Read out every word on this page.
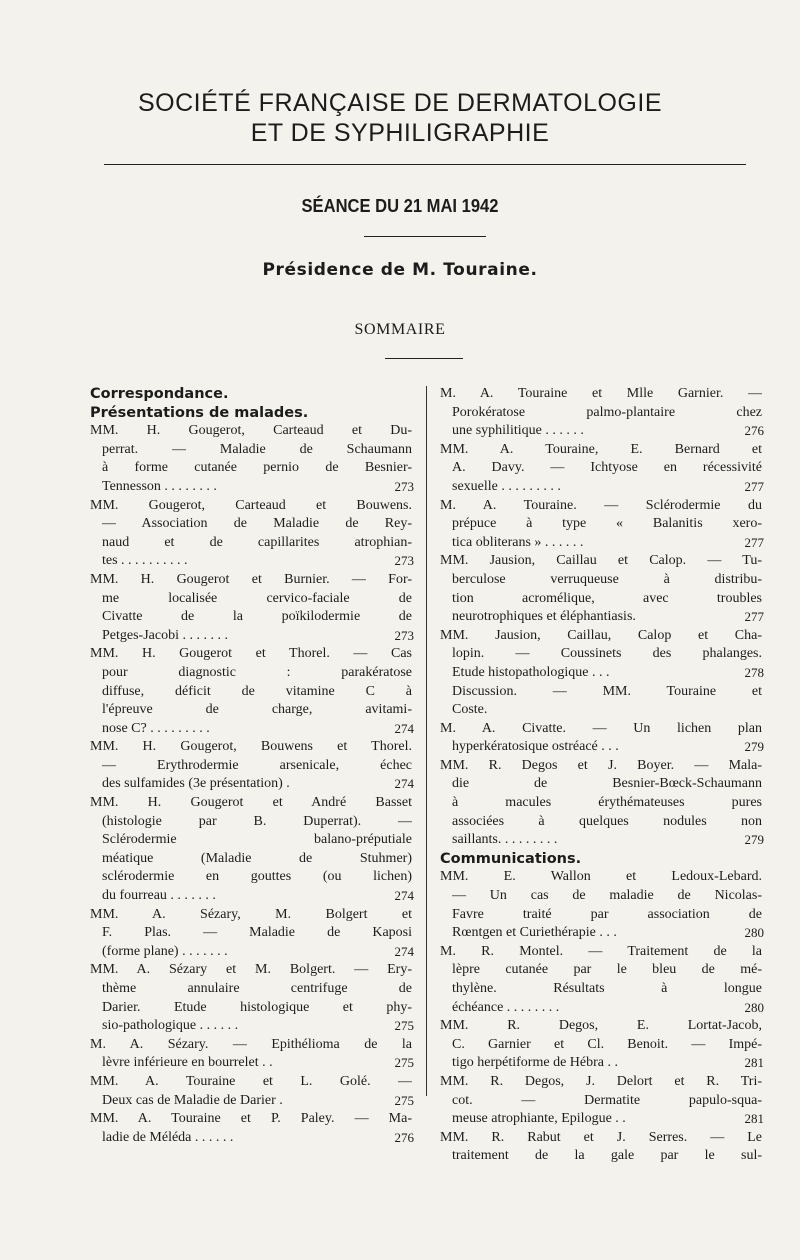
SOCIÉTÉ FRANÇAISE DE DERMATOLOGIE
ET DE SYPHILIGRAPHIE
SÉANCE DU 21 MAI 1942
Présidence de M. Touraine.
SOMMAIRE
Correspondance.
Présentations de malades.
MM. H. Gougerot, Carteaud et Du-
perrat. — Maladie de Schaumann
à forme cutanée pernio de Besnier-
Tennesson . . . . . . . .	273
MM. Gougerot, Carteaud et Bouwens.
— Association de Maladie de Rey-
naud et de capillarites atrophian-
tes . . . . . . . . . .	273
MM. H. Gougerot et Burnier. — For-
me localisée cervico-faciale de
Civatte de la poïkilodermie de
Petges-Jacobi . . . . . . .	273
MM. H. Gougerot et Thorel. — Cas
pour diagnostic : parakératose
diffuse, déficit de vitamine C à
l'épreuve de charge, avitami-
nose C? . . . . . . . . .	274
MM. H. Gougerot, Bouwens et Thorel.
— Erythrodermie arsenicale, échec
des sulfamides (3e présentation) .	274
MM. H. Gougerot et André Basset
(histologie par B. Duperrat). —
Sclérodermie balano-préputiale
méatique (Maladie de Stuhmer)
sclérodermie en gouttes (ou lichen)
du fourreau . . . . . . .	274
MM. A. Sézary, M. Bolgert et
F. Plas. — Maladie de Kaposi
(forme plane) . . . . . . .	274
MM. A. Sézary et M. Bolgert. — Ery-
thème annulaire centrifuge de
Darier. Etude histologique et phy-
sio-pathologique . . . . . .	275
M. A. Sézary. — Epithélioma de la
lèvre inférieure en bourrelet . .	275
MM. A. Touraine et L. Golé. —
Deux cas de Maladie de Darier .	275
MM. A. Touraine et P. Paley. — Ma-
ladie de Méléda . . . . . .	276
M. A. Touraine et Mlle Garnier. —
Porokératose palmo-plantaire chez
une syphilitique . . . . . .	276
MM. A. Touraine, E. Bernard et
A. Davy. — Ichtyose en récessivité
sexuelle . . . . . . . . .	277
M. A. Touraine. — Sclérodermie du
prépuce à type « Balanitis xero-
tica obliterans » . . . . . .	277
MM. Jausion, Caillau et Calop. — Tu-
berculose verruqueuse à distribu-
tion acromélique, avec troubles
neurotrophiques et éléphantiasis.	277
MM. Jausion, Caillau, Calop et Cha-
lopin. — Coussinets des phalanges.
Etude histopathologique . . .	278
Discussion. — MM. Touraine et
Coste.
M. A. Civatte. — Un lichen plan
hyperkératosique ostréacé . . .	279
MM. R. Degos et J. Boyer. — Mala-
die de Besnier-Bœck-Schaumann
à macules érythémateuses pures
associées à quelques nodules non
saillants. . . . . . . . .	279
Communications.
MM. E. Wallon et Ledoux-Lebard.
— Un cas de maladie de Nicolas-
Favre traité par association de
Rœntgen et Curiethérapie . . .	280
M. R. Montel. — Traitement de la
lèpre cutanée par le bleu de mé-
thylène. Résultats à longue
échéance . . . . . . . .	280
MM. R. Degos, E. Lortat-Jacob,
C. Garnier et Cl. Benoit. — Impé-
tigo herpétiforme de Hébra . .	281
MM. R. Degos, J. Delort et R. Tri-
cot. — Dermatite papulo-squa-
meuse atrophiante, Epilogue . .	281
MM. R. Rabut et J. Serres. — Le
traitement de la gale par le sul-
